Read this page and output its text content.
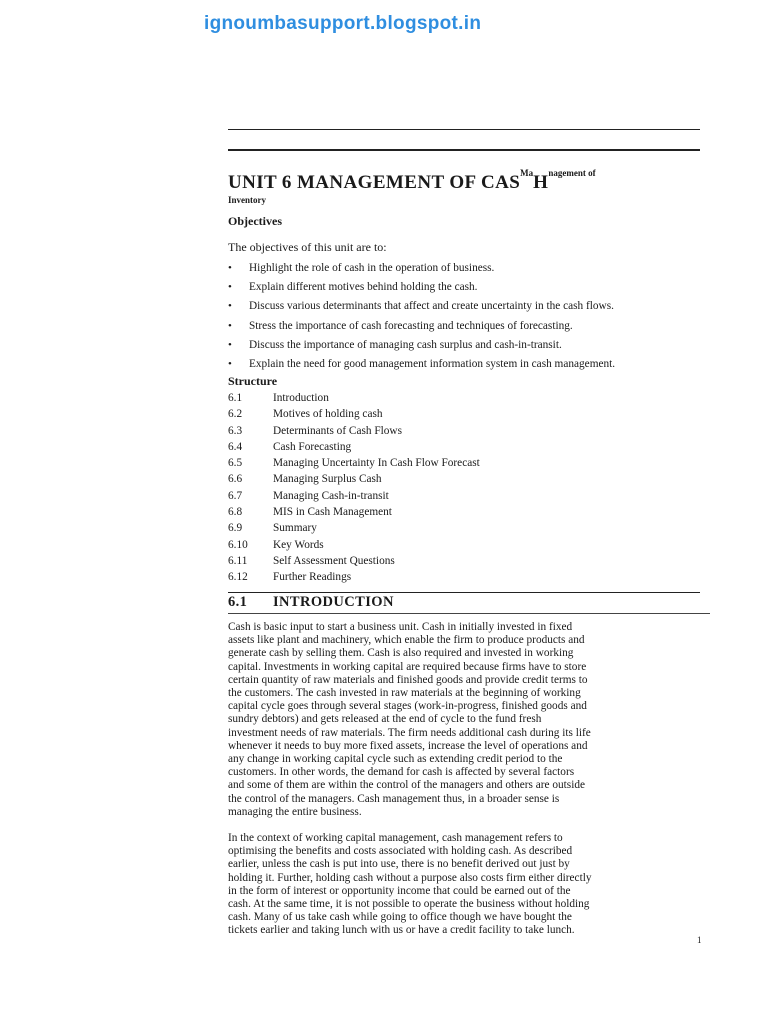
ignoumbasupport.blogspot.in
UNIT 6 MANAGEMENT OF $CAS^{Ma}H^{nagement of}$
Inventory
Objectives
The objectives of this unit are to:
• Highlight the role of cash in the operation of business.
• Explain different motives behind holding the cash.
• Discuss various determinants that affect and create uncertainty in the cash flows.
• Stress the importance of cash forecasting and techniques of forecasting.
• Discuss the importance of managing cash surplus and cash-in-transit.
• Explain the need for good management information system in cash management.
Structure
6.1	Introduction
6.2	Motives of holding cash
6.3	Determinants of Cash Flows
6.4	Cash Forecasting
6.5	Managing Uncertainty In Cash Flow Forecast
6.6	Managing Surplus Cash
6.7	Managing Cash-in-transit
6.8	MIS in Cash Management
6.9	Summary
6.10 Key Words
6.11 Self Assessment Questions
6.12 Further Readings
6.1 INTRODUCTION

Cash is basic input to start a business unit. Cash in initially invested in fixed
assets like plant and machinery, which enable the firm to produce products and
generate cash by selling them. Cash is also required and invested in working
capital. Investments in working capital are required because firms have to store
certain quantity of raw materials and finished goods and provide credit terms to
the customers. The cash invested in raw materials at the beginning of working
capital cycle goes through several stages (work-in-progress, finished goods and
sundry debtors) and gets released at the end of cycle to the fund fresh
investment needs of raw materials. The firm needs additional cash during its life
whenever it needs to buy more fixed assets, increase the level of operations and
any change in working capital cycle such as extending credit period to the
customers. In other words, the demand for cash is affected by several factors
and some of them are within the control of the managers and others are outside
the control of the managers. Cash management thus, in a broader sense is
managing the entire business.

In the context of working capital management, cash management refers to
optimising the benefits and costs associated with holding cash. As described
earlier, unless the cash is put into use, there is no benefit derived out just by
holding it. Further, holding cash without a purpose also costs firm either directly
in the form of interest or opportunity income that could be earned out of the
cash. At the same time, it is not possible to operate the business without holding
cash. Many of us take cash while going to office though we have bought the
tickets earlier and taking lunch with us or have a credit facility to take lunch.

1
